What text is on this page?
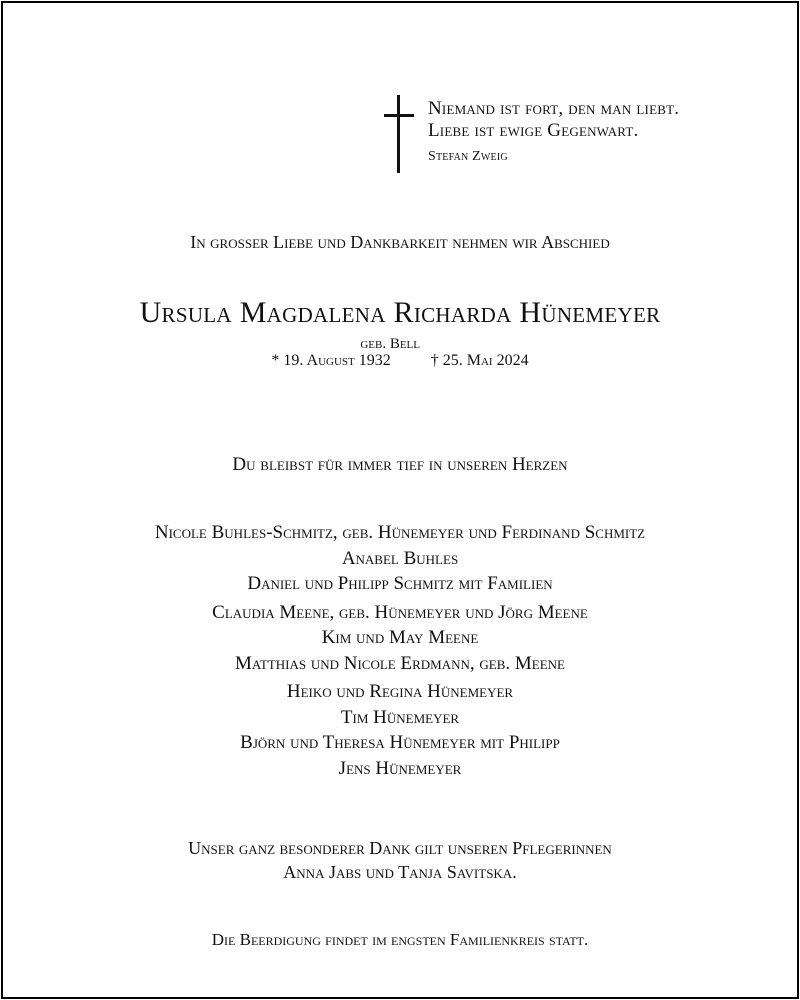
Niemand ist fort, den man liebt.
Liebe ist ewige Gegenwart.
Stefan Zweig
In grosser Liebe und Dankbarkeit nehmen wir Abschied
Ursula Magdalena Richarda Hünemeyer
geb. Bell
* 19. August 1932	† 25. Mai 2024
Du bleibst für immer tief in unseren Herzen
Nicole Buhles-Schmitz, geb. Hünemeyer und Ferdinand Schmitz
Anabel Buhles
Daniel und Philipp Schmitz mit Familien
Claudia Meene, geb. Hünemeyer und Jörg Meene
Kim und May Meene
Matthias und Nicole Erdmann, geb. Meene
Heiko und Regina Hünemeyer
Tim Hünemeyer
Björn und Theresa Hünemeyer mit Philipp
Jens Hünemeyer
Unser ganz besonderer Dank gilt unseren Pflegerinnen
Anna Jabs und Tanja Savitska.
Die Beerdigung findet im engsten Familienkreis statt.
